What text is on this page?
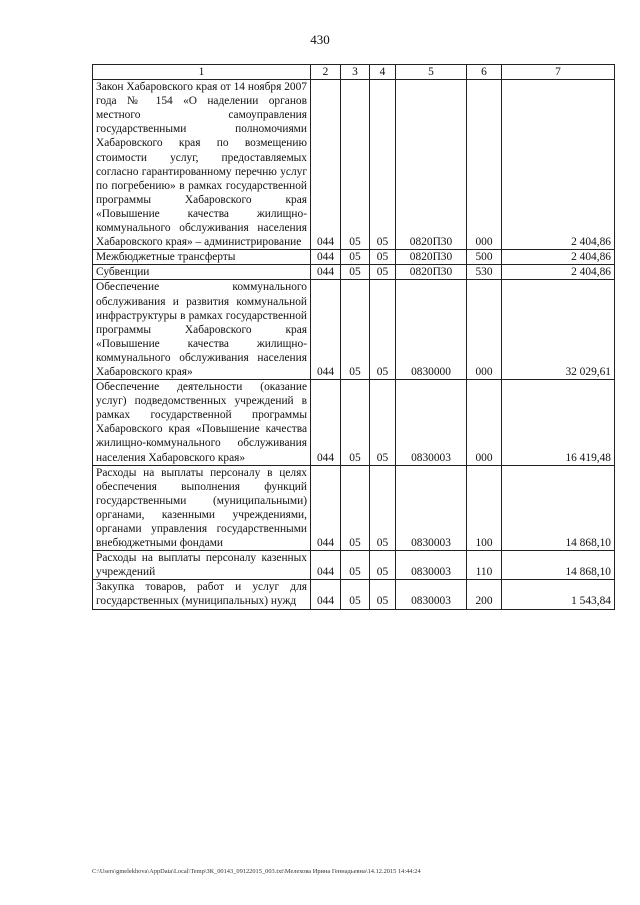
430
1	2	3	4	5	6	7
Закон Хабаровского края от 14 ноября 2007 года № 154 «О наделении органов местного самоуправления государственными полномочиями Хабаровского края по возмещению стоимости услуг, предоставляемых согласно гарантированному перечню услуг по погребению» в рамках государственной программы Хабаровского края «Повышение качества жилищно-коммунального обслуживания населения Хабаровского края» – администрирование	044	05	05	0820П30	000	2 404,86
Межбюджетные трансферты	044	05	05	0820П30	500	2 404,86
Субвенции	044	05	05	0820П30	530	2 404,86
Обеспечение коммунального обслуживания и развития коммунальной инфраструктуры в рамках государственной программы Хабаровского края «Повышение качества жилищно-коммунального обслуживания населения Хабаровского края»	044	05	05	0830000	000	32 029,61
Обеспечение деятельности (оказание услуг) подведомственных учреждений в рамках государственной программы Хабаровского края «Повышение качества жилищно-коммунального обслуживания населения Хабаровского края»	044	05	05	0830003	000	16 419,48
Расходы на выплаты персоналу в целях обеспечения выполнения функций государственными (муниципальными) органами, казенными учреждениями, органами управления государственными внебюджетными фондами	044	05	05	0830003	100	14 868,10
Расходы на выплаты персоналу казенных учреждений	044	05	05	0830003	110	14 868,10
Закупка товаров, работ и услуг для государственных (муниципальных) нужд	044	05	05	0830003	200	1 543,84
C:\Users\gmelekhova\AppData\Local\Temp\ЗК_00143_09122015_003.txt\Мелехова Ирина Геннадьевна\14.12.2015 14:44:24
